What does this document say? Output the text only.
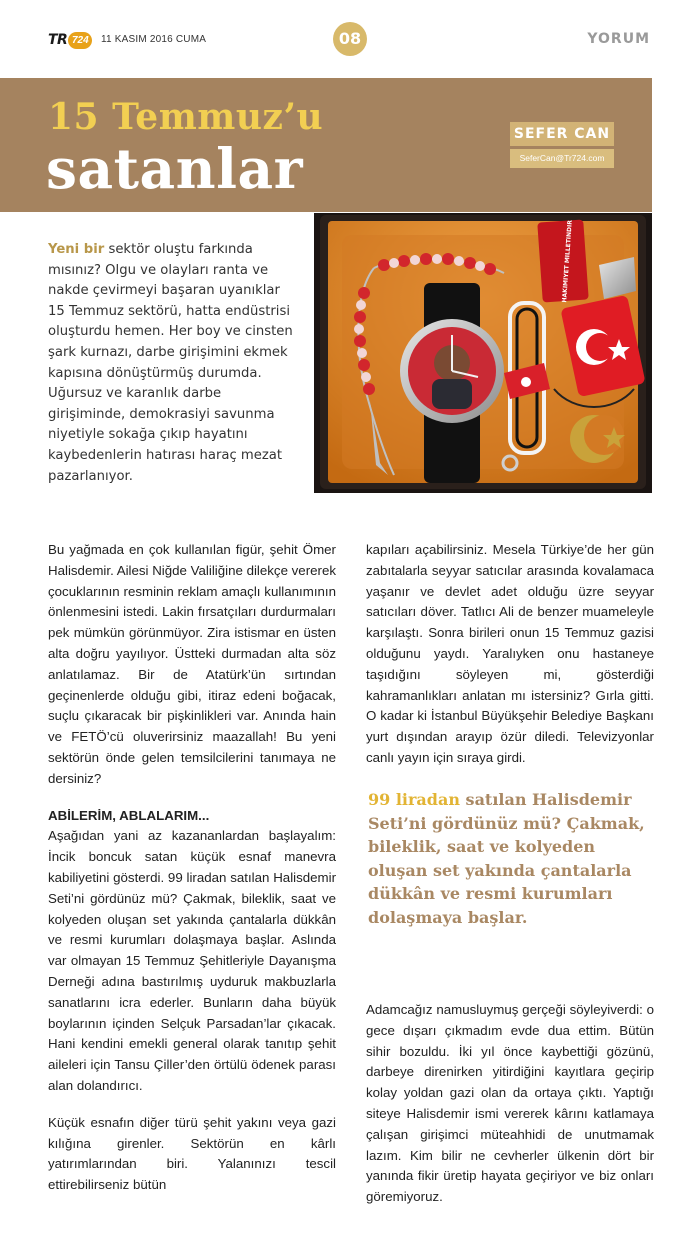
TR 724	11 KASIM 2016 CUMA	08	YORUM
15 Temmuz’u
satanlar
SEFER CAN
SeferCan@Tr724.com
Yeni bir sektör oluştu farkında mısınız? Olgu ve olayları ranta ve nakde çevirmeyi başaran uyanıklar 15 Temmuz sektörü, hatta endüstrisi oluşturdu hemen. Her boy ve cinsten şark kurnazı, darbe girişimini ekmek kapısına dönüştürmüş durumda. Uğursuz ve karanlık darbe girişiminde, demokrasiyi savunma niyetiyle sokağa çıkıp hayatını kaybedenlerin hatırası haraç mezat pazarlanıyor.
HAKIMIYET MILLETINDIR

Bu yağmada en çok kullanılan figür, şehit Ömer Halisdemir. Ailesi Niğde Valiliğine dilekçe vererek çocuklarının resminin reklam amaçlı kullanımının önlenmesini istedi. Lakin fırsatçıları durdurmaları pek mümkün görünmüyor. Zira istismar en üsten alta doğru yayılıyor. Üstteki durmadan alta söz anlatılamaz. Bir de Atatürk’ün sırtından geçinenlerde olduğu gibi, itiraz edeni boğacak, suçlu çıkaracak bir pişkinlikleri var. Anında hain ve FETÖ’cü oluverirsiniz maazallah! Bu yeni sektörün önde gelen temsilcilerini tanımaya ne dersiniz?

ABİLERİM, ABLALARIM...

Aşağıdan yani az kazananlardan başlayalım: İncik boncuk satan küçük esnaf manevra kabiliyetini gösterdi. 99 liradan satılan Halisdemir Seti’ni gördünüz mü? Çakmak, bileklik, saat ve kolyeden oluşan set yakında çantalarla dükkân ve resmi kurumları dolaşmaya başlar. Aslında var olmayan 15 Temmuz Şehitleriyle Dayanışma Derneği adına bastırılmış uyduruk makbuzlarla sanatlarını icra ederler. Bunların daha büyük boylarının içinden Selçuk Parsadan’lar çıkacak. Hani kendini emekli general olarak tanıtıp şehit aileleri için Tansu Çiller’den örtülü ödenek parası alan dolandırıcı.

Küçük esnafın diğer türü şehit yakını veya gazi kılığına girenler. Sektörün en kârlı yatırımlarından biri. Yalanınızı tescil ettirebilirseniz bütün

kapıları açabilirsiniz. Mesela Türkiye’de her gün zabıtalarla seyyar satıcılar arasında kovalamaca yaşanır ve devlet adet olduğu üzre seyyar satıcıları döver. Tatlıcı Ali de benzer muameleyle karşılaştı. Sonra birileri onun 15 Temmuz gazisi olduğunu yaydı. Yaralıyken onu hastaneye taşıdığını söyleyen mi, gösterdiği kahramanlıkları anlatan mı istersiniz? Gırla gitti. O kadar ki İstanbul Büyükşehir Belediye Başkanı yurt dışından arayıp özür diledi. Televizyonlar canlı yayın için sıraya girdi.

99 liradan satılan Halisdemir Seti’ni gördünüz mü? Çakmak, bileklik, saat ve kolyeden oluşan set yakında çantalarla dükkân ve resmi kurumları dolaşmaya başlar.

Adamcağız namusluymuş gerçeği söyleyiverdi: o gece dışarı çıkmadım evde dua ettim. Bütün sihir bozuldu. İki yıl önce kaybettiği gözünü, darbeye direnirken yitirdiğini kayıtlara geçirip kolay yoldan gazi olan da ortaya çıktı. Yaptığı siteye Halisdemir ismi vererek kârını katlamaya çalışan girişimci müteahhidi de unutmamak lazım. Kim bilir ne cevherler ülkenin dört bir yanında fikir üretip hayata geçiriyor ve biz onları göremiyoruz.
